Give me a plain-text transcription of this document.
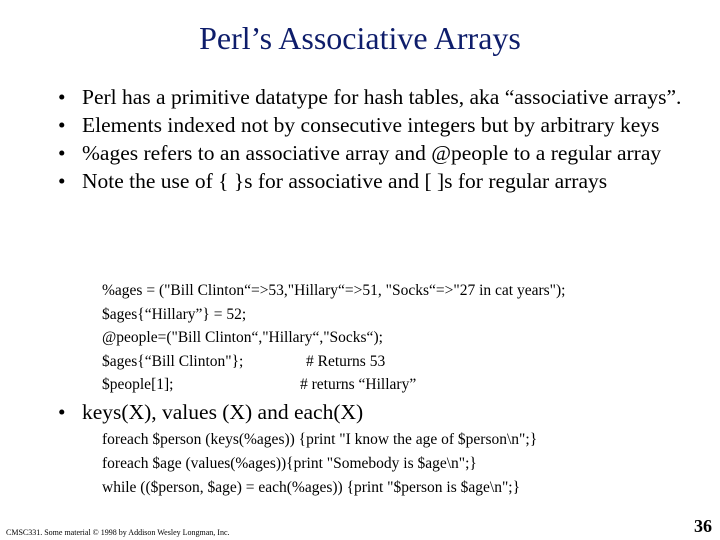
Perl’s Associative Arrays
• Perl has a primitive datatype for hash tables, aka “associative arrays”.
• Elements indexed not by consecutive integers but by arbitrary keys
• %ages refers to an associative array and @people to a regular array
• Note the use of { }s for associative and [ ]s for regular arrays
%ages = ("Bill Clinton“=>53,"Hillary“=>51, "Socks“=>"27 in cat years");
$ages{“Hillary”} = 52;
@people=("Bill Clinton“,"Hillary“,"Socks“);
$ages{“Bill Clinton"};	# Returns 53
$people[1];	# returns “Hillary”
• keys(X), values (X) and each(X)
foreach $person (keys(%ages)) {print "I know the age of $person\n";}
foreach $age (values(%ages)){print "Somebody is $age\n";}
while (($person, $age) = each(%ages)) {print "$person is $age\n";}
CMSC331. Some material © 1998 by Addison Wesley Longman, Inc.	36
